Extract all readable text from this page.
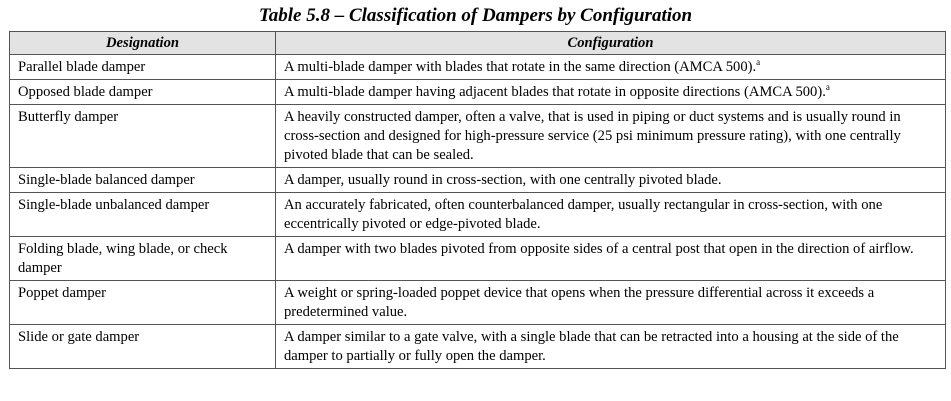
Table 5.8 – Classification of Dampers by Configuration
Designation	Configuration
Parallel blade damper	A multi-blade damper with blades that rotate in the same direction (AMCA 500).$^a$
Opposed blade damper	A multi-blade damper having adjacent blades that rotate in opposite directions (AMCA 500).$^a$
Butterfly damper	A heavily constructed damper, often a valve, that is used in piping or duct systems and is usually round in cross-section and designed for high-pressure service (25 psi minimum pressure rating), with one centrally pivoted blade that can be sealed.
Single-blade balanced damper	A damper, usually round in cross-section, with one centrally pivoted blade.
Single-blade unbalanced damper	An accurately fabricated, often counterbalanced damper, usually rectangular in cross-section, with one eccentrically pivoted or edge-pivoted blade.
Folding blade, wing blade, or check damper	A damper with two blades pivoted from opposite sides of a central post that open in the direction of airflow.
Poppet damper	A weight or spring-loaded poppet device that opens when the pressure differential across it exceeds a predetermined value.
Slide or gate damper	A damper similar to a gate valve, with a single blade that can be retracted into a housing at the side of the damper to partially or fully open the damper.
